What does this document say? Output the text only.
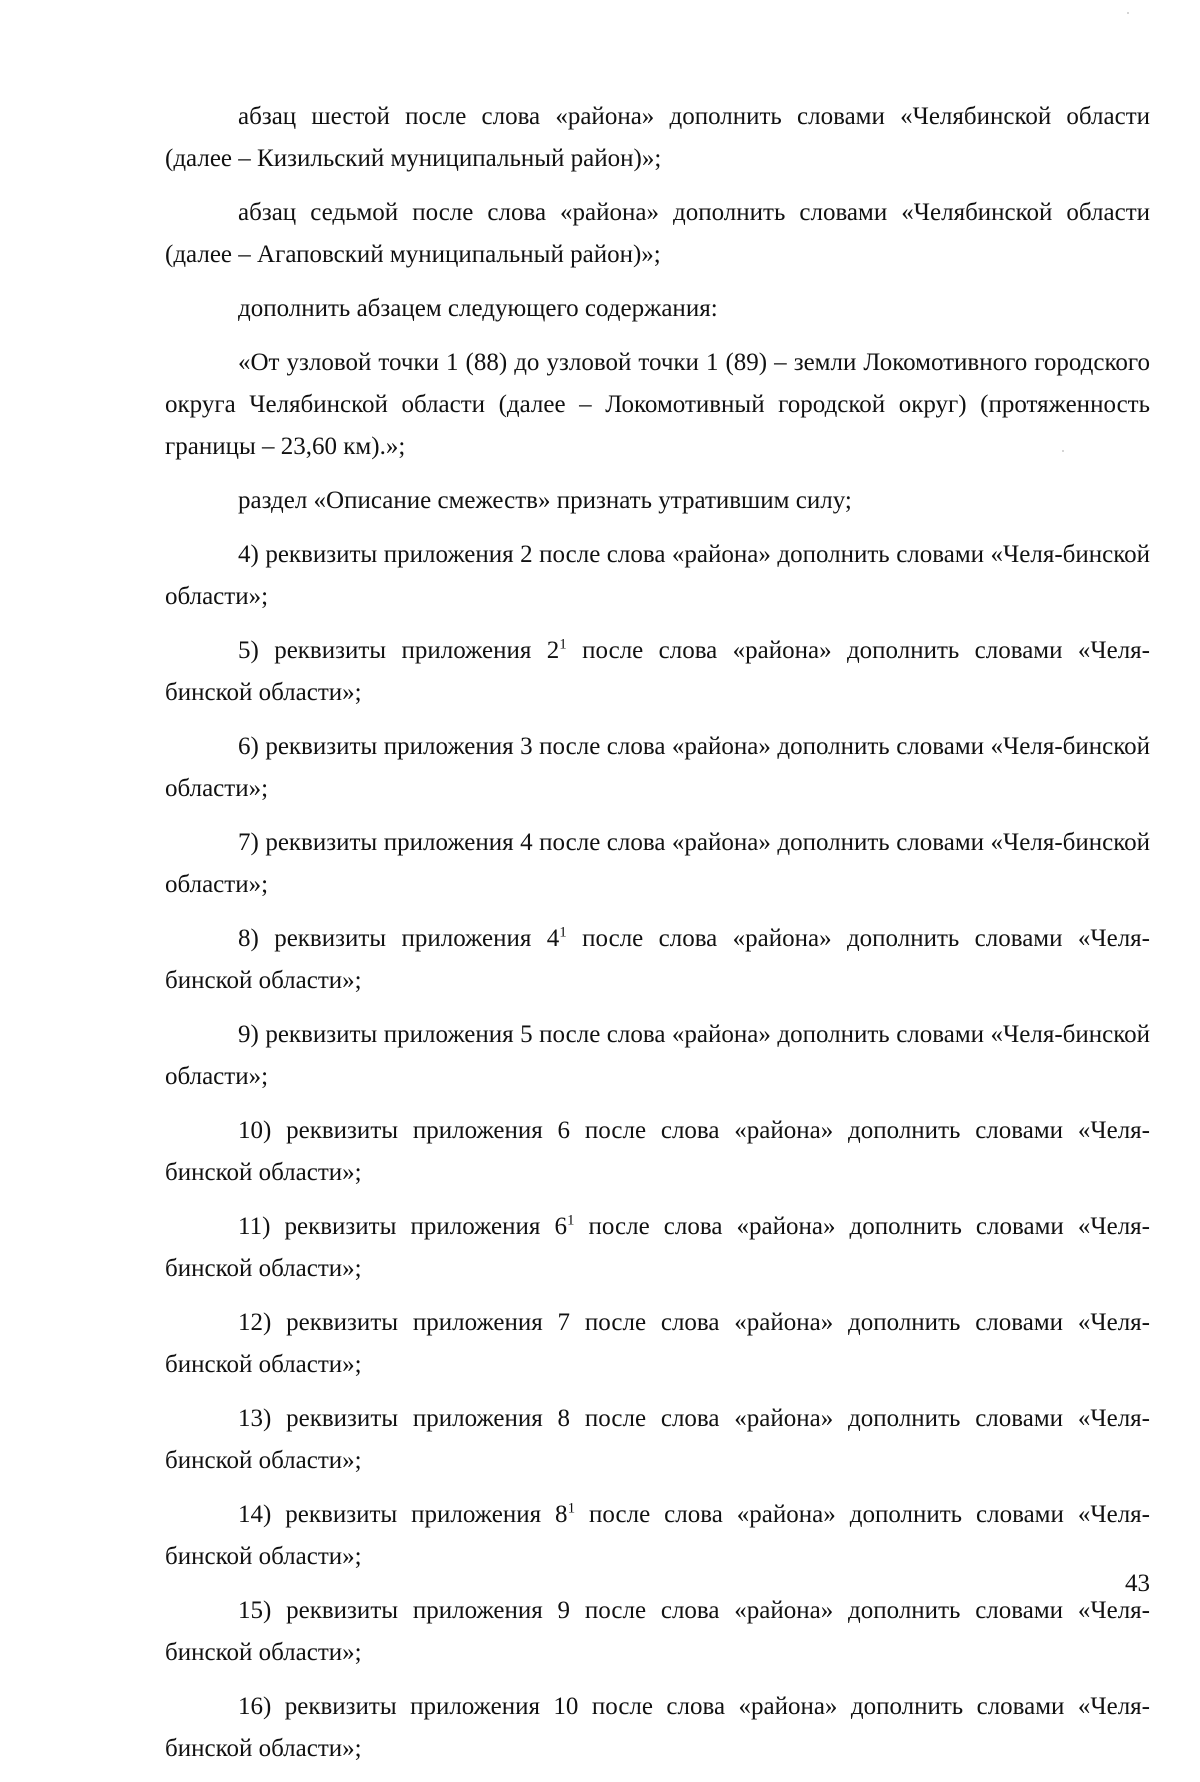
абзац шестой после слова «района» дополнить словами «Челябинской области (далее – Кизильский муниципальный район)»;

абзац седьмой после слова «района» дополнить словами «Челябинской области (далее – Агаповский муниципальный район)»;

дополнить абзацем следующего содержания:

«От узловой точки 1 (88) до узловой точки 1 (89) – земли Локомотивного городского округа Челябинской области (далее – Локомотивный городской округ) (протяженность границы – 23,60 км).»;

раздел «Описание смежеств» признать утратившим силу;

4) реквизиты приложения 2 после слова «района» дополнить словами «Челя-бинской области»;

5) реквизиты приложения $2^1$ после слова «района» дополнить словами «Челя-бинской области»;

6) реквизиты приложения 3 после слова «района» дополнить словами «Челя-бинской области»;

7) реквизиты приложения 4 после слова «района» дополнить словами «Челя-бинской области»;

8) реквизиты приложения $4^1$ после слова «района» дополнить словами «Челя-бинской области»;

9) реквизиты приложения 5 после слова «района» дополнить словами «Челя-бинской области»;

10) реквизиты приложения 6 после слова «района» дополнить словами «Челя-бинской области»;

11) реквизиты приложения $6^1$ после слова «района» дополнить словами «Челя-бинской области»;

12) реквизиты приложения 7 после слова «района» дополнить словами «Челя-бинской области»;

13) реквизиты приложения 8 после слова «района» дополнить словами «Челя-бинской области»;

14) реквизиты приложения $8^1$ после слова «района» дополнить словами «Челя-бинской области»;

15) реквизиты приложения 9 после слова «района» дополнить словами «Челя-бинской области»;

16) реквизиты приложения 10 после слова «района» дополнить словами «Челя-бинской области»;

43
